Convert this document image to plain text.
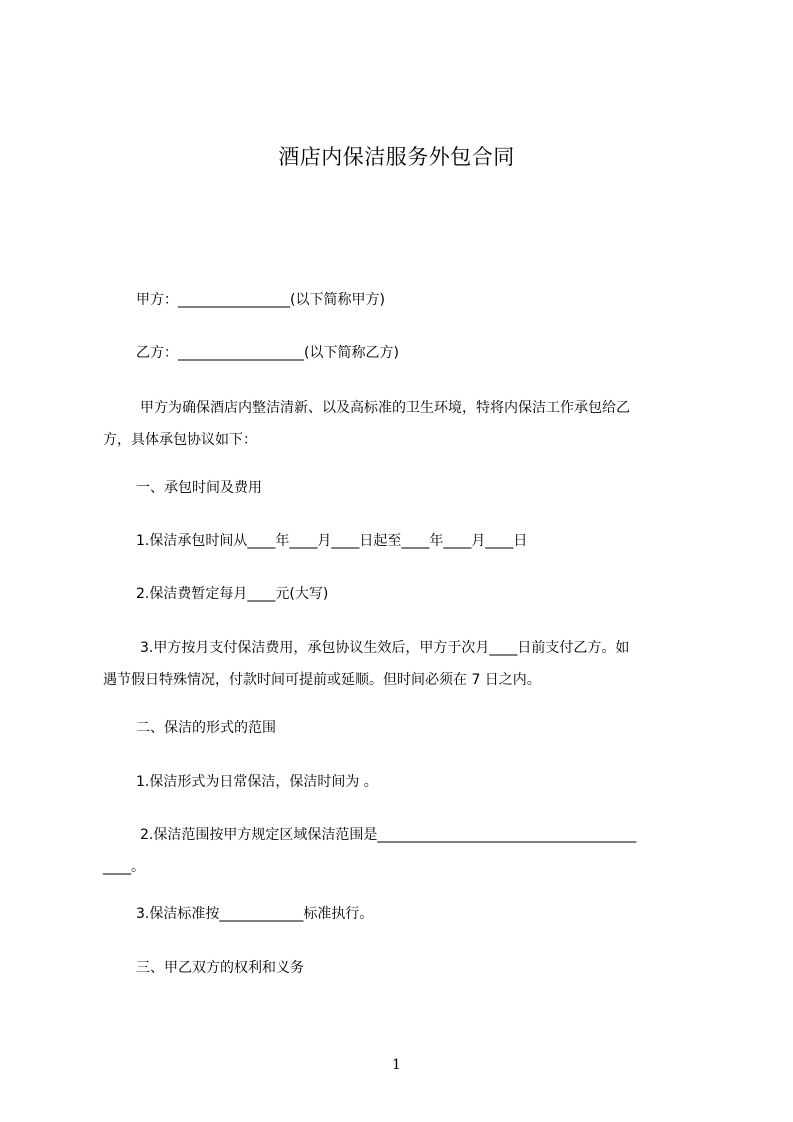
酒店内保洁服务外包合同
甲方：________________(以下简称甲方)
乙方：__________________(以下简称乙方)
甲方为确保酒店内整洁清新、以及高标准的卫生环境，特将内保洁工作承包给乙
方，具体承包协议如下：
一、承包时间及费用
1.保洁承包时间从____年____月____日起至____年____月____日
2.保洁费暂定每月____元(大写)
3.甲方按月支付保洁费用，承包协议生效后，甲方于次月____日前支付乙方。如
遇节假日特殊情况，付款时间可提前或延顺。但时间必须在 7 日之内。
二、保洁的形式的范围
1.保洁形式为日常保洁，保洁时间为 。
2.保洁范围按甲方规定区域保洁范围是_____________________________________
____。
3.保洁标准按____________标准执行。
三、甲乙双方的权利和义务
1
